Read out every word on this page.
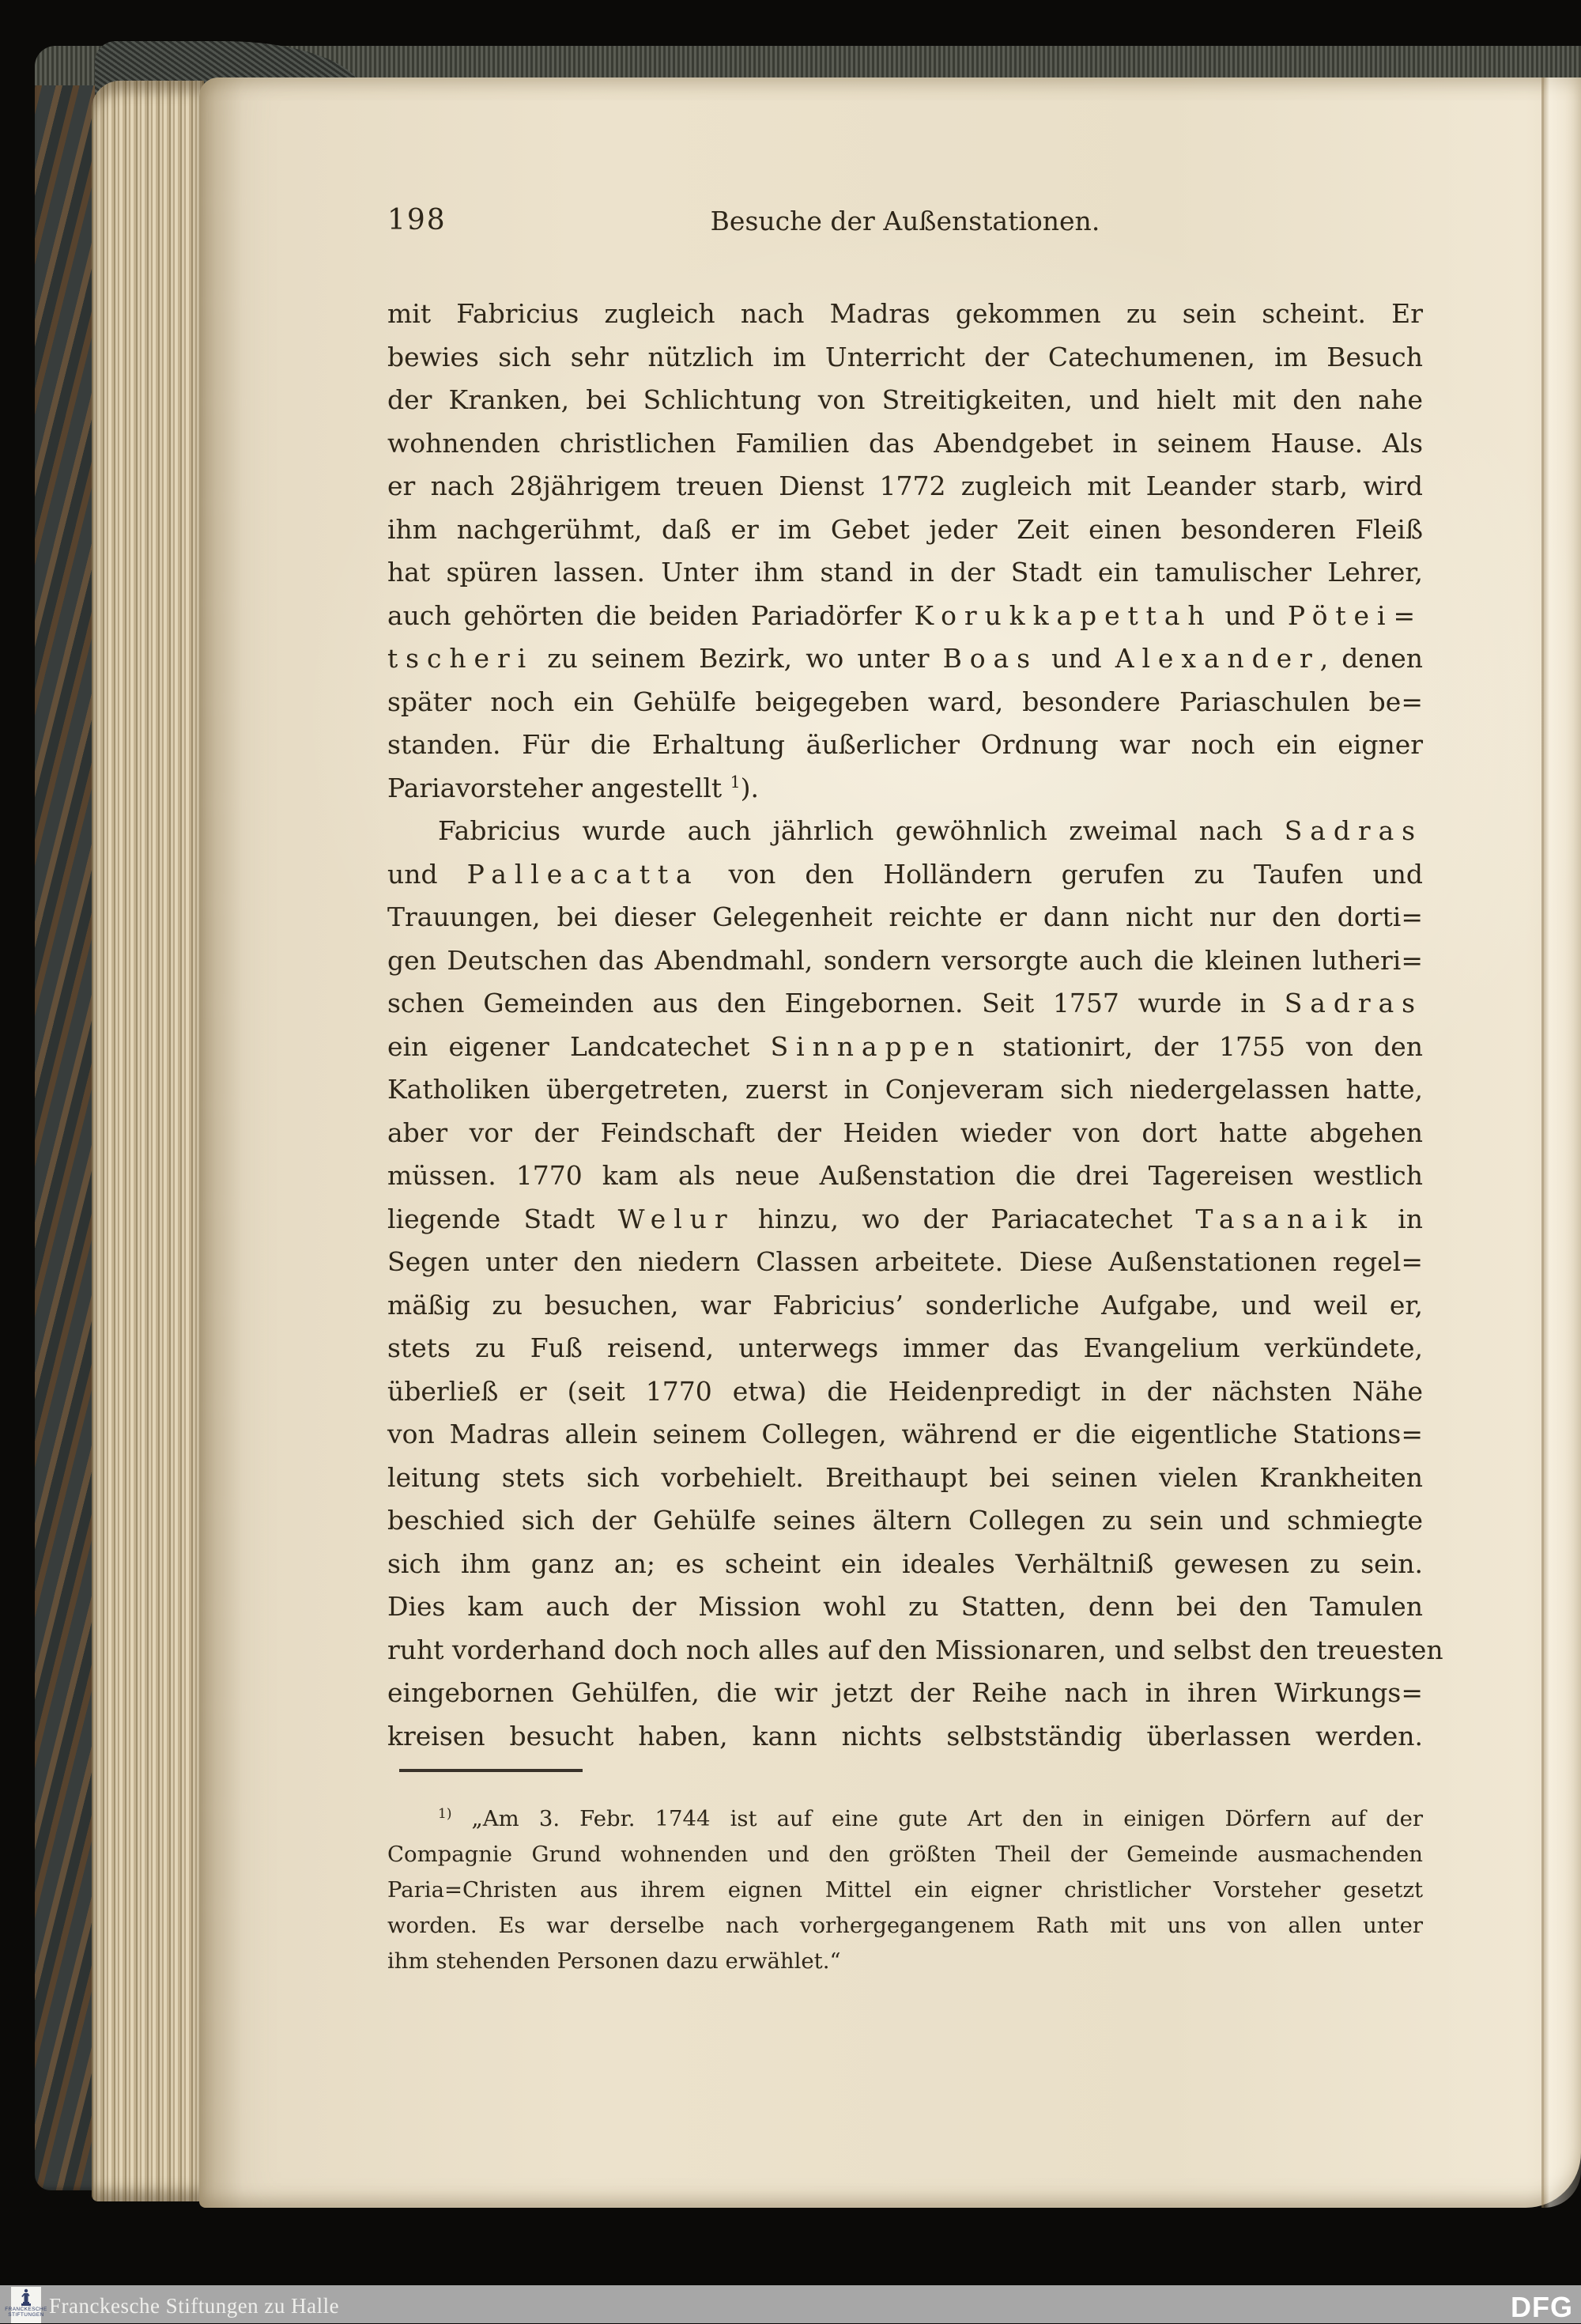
198	Besuche der Außenstationen.
mit Fabricius zugleich nach Madras gekommen zu sein scheint. Er
bewies sich sehr nützlich im Unterricht der Catechumenen, im Besuch
der Kranken, bei Schlichtung von Streitigkeiten, und hielt mit den nahe
wohnenden christlichen Familien das Abendgebet in seinem Hause. Als
er nach 28jährigem treuen Dienst 1772 zugleich mit Leander starb, wird
ihm nachgerühmt, daß er im Gebet jeder Zeit einen besonderen Fleiß
hat spüren lassen. Unter ihm stand in der Stadt ein tamulischer Lehrer,
auch gehörten die beiden Pariadörfer Korukkapettah und Pötei=
tscheri zu seinem Bezirk, wo unter Boas und Alexander, denen
später noch ein Gehülfe beigegeben ward, besondere Pariaschulen be=
standen. Für die Erhaltung äußerlicher Ordnung war noch ein eigner
Pariavorsteher angestellt $^1$).
Fabricius wurde auch jährlich gewöhnlich zweimal nach Sadras
und Palleacatta von den Holländern gerufen zu Taufen und
Trauungen, bei dieser Gelegenheit reichte er dann nicht nur den dorti=
gen Deutschen das Abendmahl, sondern versorgte auch die kleinen lutheri=
schen Gemeinden aus den Eingebornen. Seit 1757 wurde in Sadras
ein eigener Landcatechet Sinnappen stationirt, der 1755 von den
Katholiken übergetreten, zuerst in Conjeveram sich niedergelassen hatte,
aber vor der Feindschaft der Heiden wieder von dort hatte abgehen
müssen. 1770 kam als neue Außenstation die drei Tagereisen westlich
liegende Stadt Welur hinzu, wo der Pariacatechet Tasanaik in
Segen unter den niedern Classen arbeitete. Diese Außenstationen regel=
mäßig zu besuchen, war Fabricius’ sonderliche Aufgabe, und weil er,
stets zu Fuß reisend, unterwegs immer das Evangelium verkündete,
überließ er (seit 1770 etwa) die Heidenpredigt in der nächsten Nähe
von Madras allein seinem Collegen, während er die eigentliche Stations=
leitung stets sich vorbehielt. Breithaupt bei seinen vielen Krankheiten
beschied sich der Gehülfe seines ältern Collegen zu sein und schmiegte
sich ihm ganz an; es scheint ein ideales Verhältniß gewesen zu sein.
Dies kam auch der Mission wohl zu Statten, denn bei den Tamulen
ruht vorderhand doch noch alles auf den Missionaren, und selbst den treuesten
eingebornen Gehülfen, die wir jetzt der Reihe nach in ihren Wirkungs=
kreisen besucht haben, kann nichts selbstständig überlassen werden.
$^{1)}$ „Am 3. Febr. 1744 ist auf eine gute Art den in einigen Dörfern auf der
Compagnie Grund wohnenden und den größten Theil der Gemeinde ausmachenden
Paria=Christen aus ihrem eignen Mittel ein eigner christlicher Vorsteher gesetzt
worden. Es war derselbe nach vorhergegangenem Rath mit uns von allen unter
ihm stehenden Personen dazu erwählet.“
FRANCKESCHE
STIFTUNGEN Franckesche Stiftungen zu Halle	DFG
